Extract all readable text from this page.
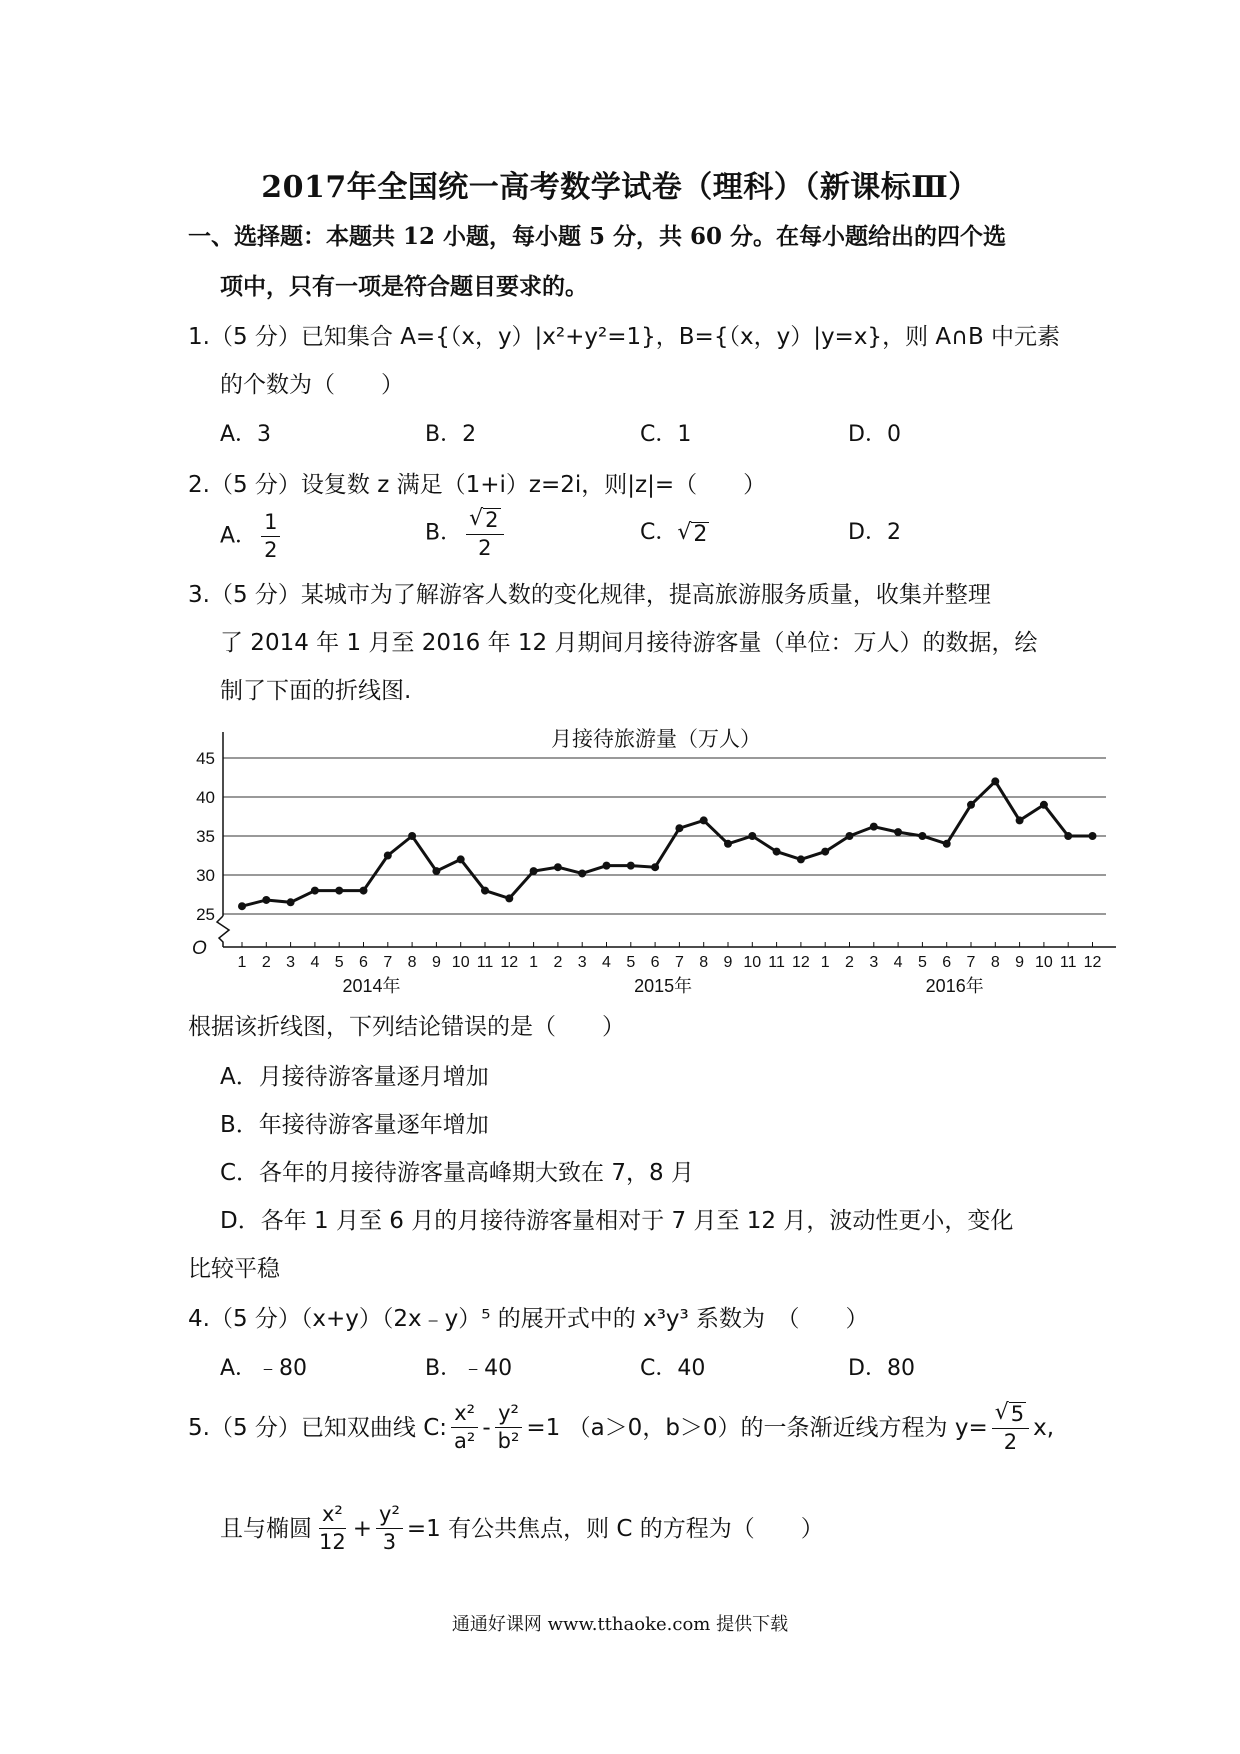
2017年全国统一高考数学试卷（理科）（新课标Ⅲ）
一、选择题：本题共 12 小题，每小题 5 分，共 60 分。在每小题给出的四个选
项中，只有一项是符合题目要求的。
1.（5 分）已知集合 A={（x，y）|x²+y²=1}，B={（x，y）|y=x}，则 A∩B 中元素
的个数为（　　）
A．3	B．2	C．1	D．0
2.（5 分）设复数 z 满足（1+i）z=2i，则|z|=（　　）
A． $\frac{1}{2}$	B． $\frac{√ 2}{2}$	C． √ 2	D．2
3.（5 分）某城市为了解游客人数的变化规律，提高旅游服务质量，收集并整理
了 2014 年 1 月至 2016 年 12 月期间月接待游客量（单位：万人）的数据，绘
制了下面的折线图.
月接待旅游量（万人）
25
30
35
40
45
O
1 2 3 4 5 6 7 8 9 10 11 12 1 2 3 4 5 6 7 8 9 10 11 12 1 2 3 4 5 6 7 8 9 10 11 12
2014年	2015年	2016年
根据该折线图，下列结论错误的是（　　）
A．月接待游客量逐月增加
B．年接待游客量逐年增加
C．各年的月接待游客量高峰期大致在 7，8 月
D．各年 1 月至 6 月的月接待游客量相对于 7 月至 12 月，波动性更小，变化
比较平稳
4.（5 分）（x+y）（2x﹣y）⁵ 的展开式中的 x³y³ 系数为　（　　）
A．﹣80	B．﹣40	C．40	D．80
5.（5 分）已知双曲线 C: $\frac{\text{x²}}{\text{a²}} - \frac{\text{y²}}{\text{b²}} =1$ （a＞0，b＞0）的一条渐近线方程为 $y= \frac{√ 5}{2} x$,
且与椭圆 $\frac{\text{x²}}{12} + \frac{\text{y²}}{3} =1$ 有公共焦点，则 C 的方程为（　　）
通通好课网 www.tthaoke.com 提供下载
